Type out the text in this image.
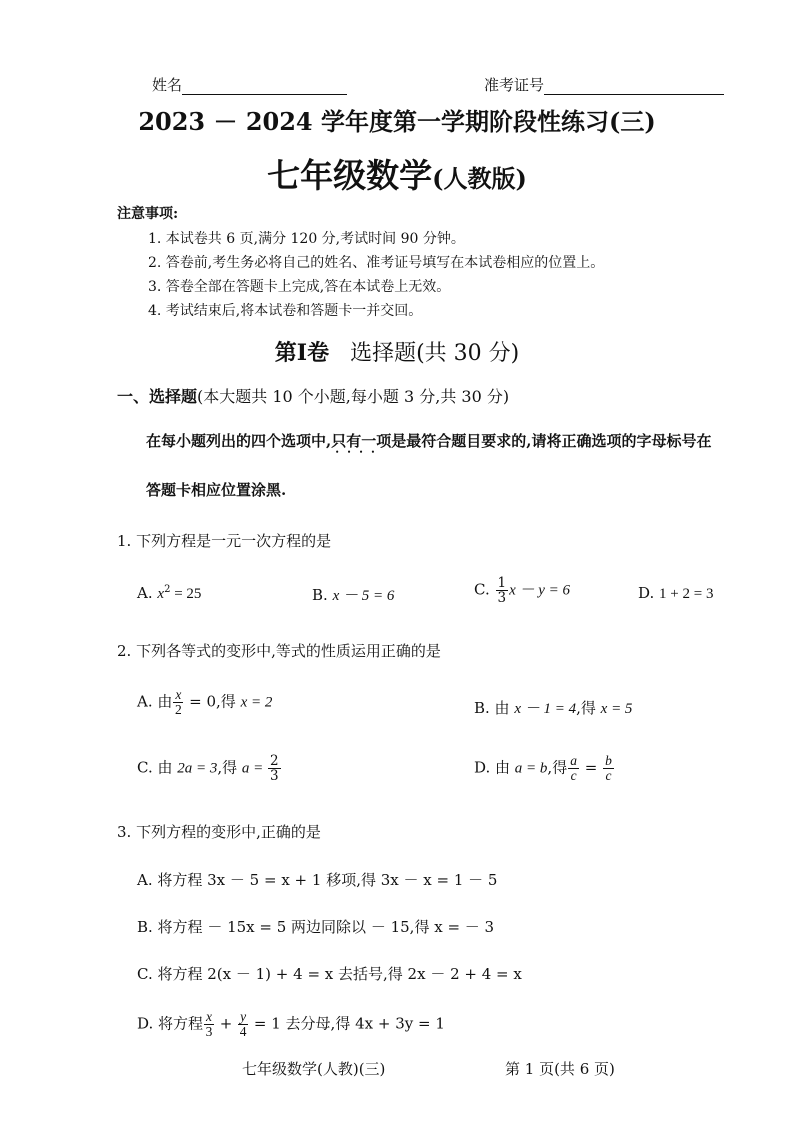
姓名	准考证号
2023 － 2024 学年度第一学期阶段性练习(三)
七年级数学(人教版)
注意事项:
1. 本试卷共 6 页,满分 120 分,考试时间 90 分钟。
2. 答卷前,考生务必将自己的姓名、准考证号填写在本试卷相应的位置上。
3. 答卷全部在答题卡上完成,答在本试卷上无效。
4. 考试结束后,将本试卷和答题卡一并交回。
第Ⅰ卷 选择题(共 30 分)
一、选择题(本大题共 10 个小题,每小题 3 分,共 30 分)
在每小题列出的四个选项中,只有一项 • • • •是最符合题目要求的,请将正确选项的字母标号在
答题卡相应位置涂黑.
1. 下列方程是一元一次方程的是
A. $x^2 = 25$	B. x － 5 = 6	C. $\frac{1}{3}$ x － y = 6	D. 1 + 2 = 3
2. 下列各等式的变形中,等式的性质运用正确的是
A. 由 $\frac{x}{2} = 0$,得 x = 2	B. 由 x － 1 = 4,得 x = 5
C. 由 2a = 3,得 $a = \frac{2}{3}$	D. 由 a = b,得 $\frac{a}{c} = \frac{b}{c}$
3. 下列方程的变形中,正确的是
A. 将方程 3x － 5 = x + 1 移项,得 3x － x = 1 － 5
B. 将方程 － 15x = 5 两边同除以 － 15,得 x = － 3
C. 将方程 2(x － 1) + 4 = x 去括号,得 2x － 2 + 4 = x
D. 将方程 $\frac{x}{3} + \frac{y}{4} = 1$ 去分母,得 4x + 3y = 1
七年级数学(人教)(三)	第 1 页(共 6 页)
